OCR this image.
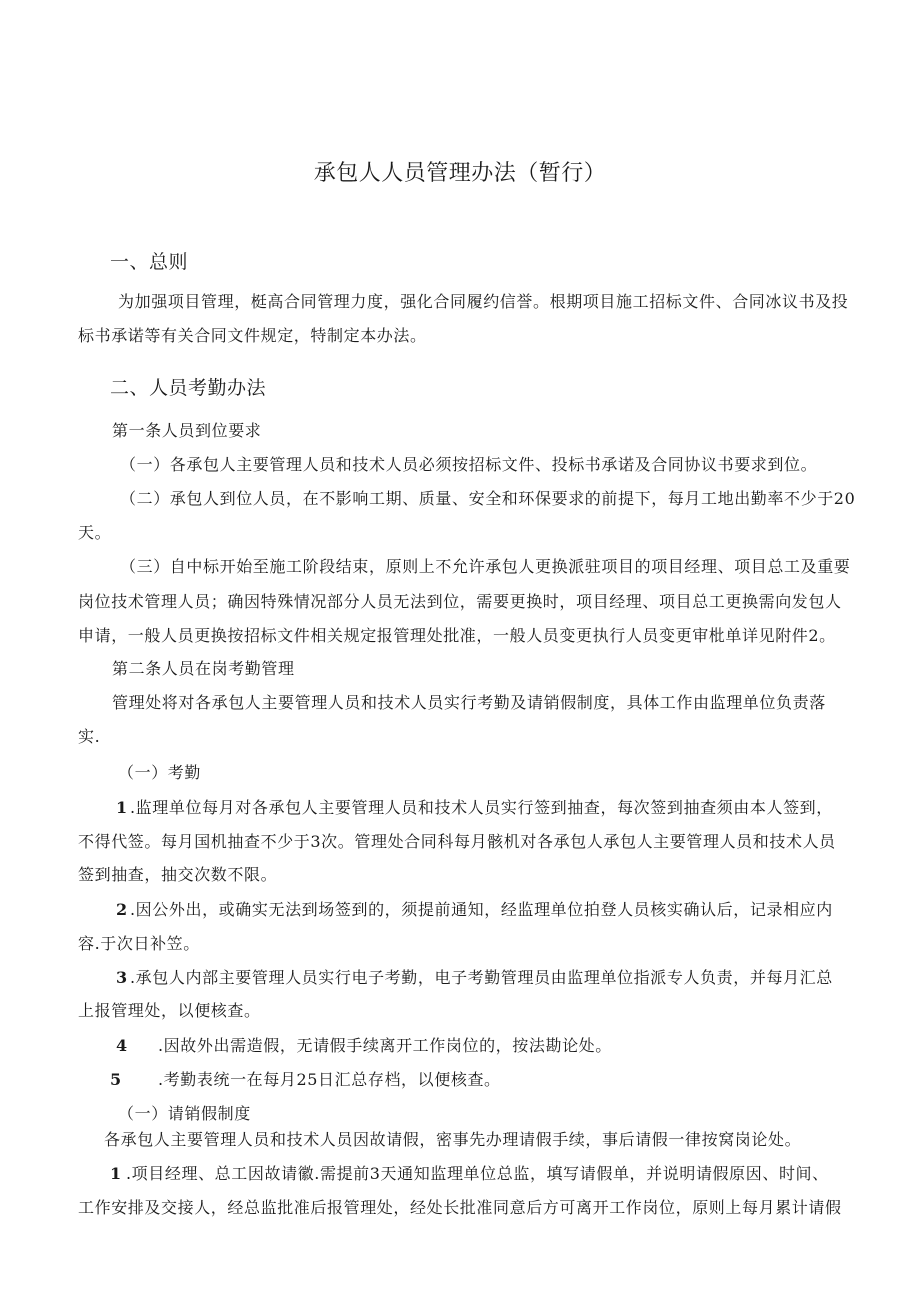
承包人人员管理办法（暂行）
一、总则
为加强项目管理，梃高合同管理力度，强化合同履约信誉。根期项目施工招标文件、合同冰议书及投
标书承诺等有关合同文件规定，特制定本办法。
二、人员考勤办法
第一条人员到位要求
（一）各承包人主要管理人员和技术人员必须按招标文件、投标书承诺及合同协议书要求到位。
（二）承包人到位人员，在不影响工期、质量、安全和环保要求的前提下，每月工地出勤率不少于20
天。
（三）自中标开始至施工阶段结束，原则上不允许承包人更换派驻项目的项目经理、项目总工及重要
岗位技术管理人员；确因特殊情况部分人员无法到位，需要更换时，项目经理、项目总工更换需向发包人
申请，一般人员更换按招标文件相关规定报管理处批准，一般人员变更执行人员变更审枇单详见附件2。
第二条人员在岗考勤管理
管理处将对各承包人主要管理人员和技术人员实行考勤及请销假制度，具体工作由监理单位负责落
实.
（一）考勤
1 .监理单位每月对各承包人主要管理人员和技术人员实行签到抽查，每次签到抽查须由本人签到，
不得代签。每月国机抽查不少于3次。管理处合同科每月骸机对各承包人承包人主要管理人员和技术人员
签到抽查，抽交次数不限。
2 .因公外出，或确实无法到场签到的，须提前通知，经监理单位拍登人员核实确认后，记录相应内
容.于次日补笠。
3 .承包人内部主要管理人员实行电子考勤，电子考勤管理员由监理单位指派专人负责，并每月汇总
上报管理处，以便核查。
4 .因故外出需造假，无请假手续离开工作岗位的，按法勘论处。
5 .考勤表统一在每月25日汇总存档，以便核查。
（一）请销假制度
各承包人主要管理人员和技术人员因故请假，密事先办理请假手续，事后请假一律按窝岗论处。
1 .项目经理、总工因故请徽.需提前3天通知监理单位总监，填写请假单，并说明请假原因、时间、
工作安排及交接人，经总监批准后报管理处，经处长批准同意后方可离开工作岗位，原则上每月累计请假
